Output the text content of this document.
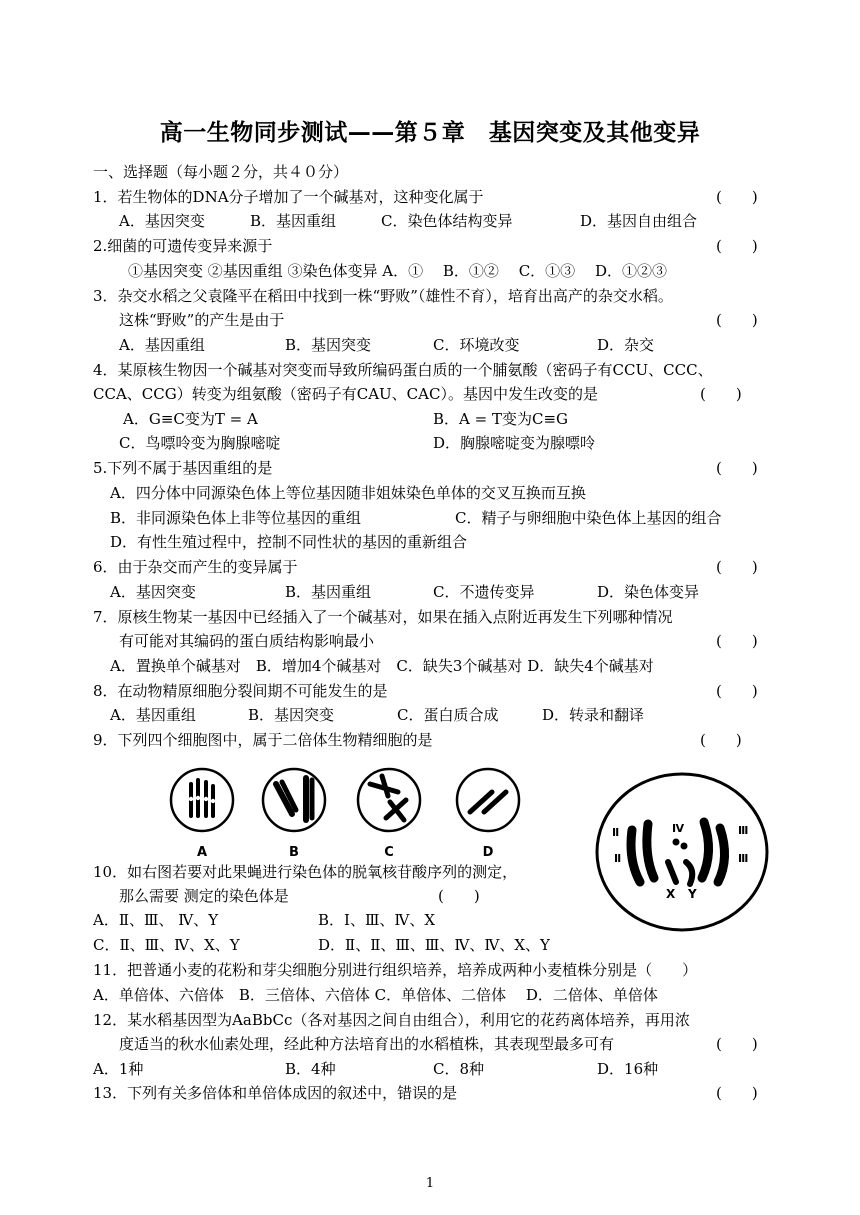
高一生物同步测试——第５章　基因突变及其他变异
一、选择题（每小题２分，共４０分）
1．若生物体的DNA分子增加了一个碱基对，这种变化属于	(　　)
A．基因突变	B．基因重组	C．染色体结构变异	D．基因自由组合
2.细菌的可遗传变异来源于	(　　)
①基因突变 ②基因重组 ③染色体变异 A．①　 B．①②　 C．①③　 D．①②③
3．杂交水稻之父袁隆平在稻田中找到一株“野败”（雄性不育），培育出高产的杂交水稻。
这株“野败”的产生是由于	(　　)
A．基因重组	B．基因突变	C．环境改变	D．杂交
4．某原核生物因一个碱基对突变而导致所编码蛋白质的一个脯氨酸（密码子有CCU、CCC、
CCA、CCG）转变为组氨酸（密码子有CAU、CAC）。基因中发生改变的是	(　　)
A．G≡C变为T = A	B．A = T变为C≡G
C．鸟嘌呤变为胸腺嘧啶	D．胸腺嘧啶变为腺嘌呤
5.下列不属于基因重组的是	(　　)
A．四分体中同源染色体上等位基因随非姐妹染色单体的交叉互换而互换
B．非同源染色体上非等位基因的重组	C．精子与卵细胞中染色体上基因的组合
D．有性生殖过程中，控制不同性状的基因的重新组合
6．由于杂交而产生的变异属于	(　　)
A．基因突变	B．基因重组	C．不遗传变异	D．染色体变异
7．原核生物某一基因中已经插入了一个碱基对，如果在插入点附近再发生下列哪种情况
有可能对其编码的蛋白质结构影响最小	(　　)
A．置换单个碱基对　B．增加4个碱基对　C．缺失3个碱基对 D．缺失4个碱基对
8．在动物精原细胞分裂间期不可能发生的是	(　　)
A．基因重组	B．基因突变	C．蛋白质合成	D．转录和翻译
9．下列四个细胞图中，属于二倍体生物精细胞的是	(　　)
A	B	C	D
Ⅱ
Ⅱ
Ⅳ	Ⅲ
Ⅲ
X Y
10．如右图若要对此果蝇进行染色体的脱氧核苷酸序列的测定，
那么需要 测定的染色体是	(　　)
A．Ⅱ、Ⅲ、 Ⅳ、Y	B．Ⅰ、Ⅲ、Ⅳ、X
C．Ⅱ、Ⅲ、Ⅳ、X、Y	D．Ⅱ、Ⅱ、Ⅲ、Ⅲ、Ⅳ、Ⅳ、X、Y
11．把普通小麦的花粉和芽尖细胞分别进行组织培养，培养成两种小麦植株分别是（　　）
A．单倍体、六倍体　B．三倍体、六倍体 C．单倍体、二倍体　 D．二倍体、单倍体
12．某水稻基因型为AaBbCc（各对基因之间自由组合），利用它的花药离体培养，再用浓
度适当的秋水仙素处理，经此种方法培育出的水稻植株，其表现型最多可有	(　　)
A．1种	B．4种	C．8种	D．16种
13．下列有关多倍体和单倍体成因的叙述中，错误的是	(　　)
1
